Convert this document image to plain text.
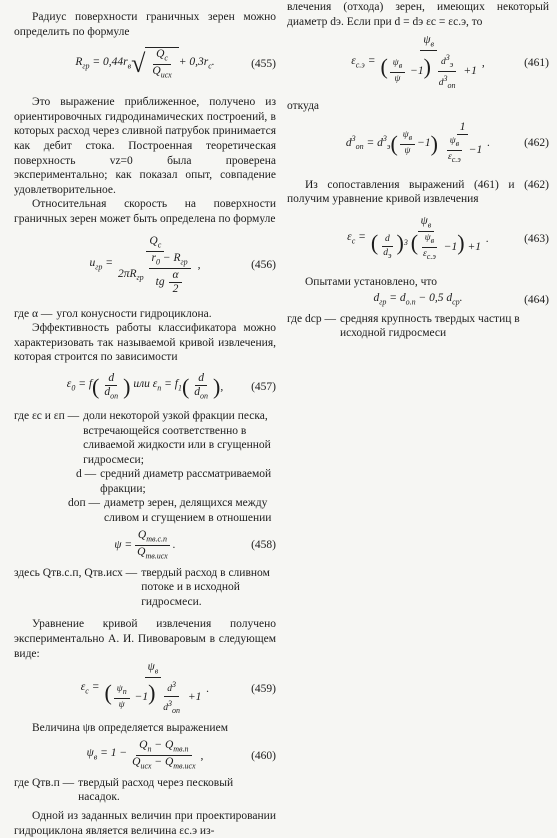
Радиус поверхности граничных зерен можно определить по формуле

$R_{гр} = 0,44r_в$ √ $\frac{Q_с}{Q_{исх}} + 0,3r_с$.	(455)

Это выражение приближенное, получено из ориентировочных гидродинамических построений, в которых расход через сливной патрубок принимается как дебит стока. Построенная теоретическая поверхность vz=0 была проверена экспериментально; как показал опыт, совпадение удовлетворительное.

Относительная скорость на поверхности граничных зерен может быть определена по формуле

$u_{гр} = \frac{Q_с}{2\pi R_{гр} \frac{r_0 - R_{гр}}{tg \frac{\alpha}{2}}}$ ,	(456)
где α — угол конусности гидроциклона.

Эффективность работы классификатора можно характеризовать так называемой кривой извлечения, которая строится по зависимости

$\varepsilon_0 = f$ ( $\frac{d}{d_{оп}}$ ) или $\varepsilon_п = f_1$ ( $\frac{d}{d_{оп}}$ ) , (457)
где εс и εп — доли некоторой узкой фракции песка, встречающейся соответственно в сливаемой жидкости или в сгущенной гидросмеси;
d — средний диаметр рассматриваемой фракции;
dоп — диаметр зерен, делящихся между сливом и сгущением в отношении
$\psi = \frac{Q_{тв.с.п}}{Q_{тв.исх}}$ .	(458)
здесь Qтв.с.п, Qтв.исх — твердый расход в сливном потоке и в исходной гидросмеси.

Уравнение кривой извлечения получено экспериментально А. И. Пивоваровым в следующем виде:

$\varepsilon_с = \frac{\psi_в}{( \frac{\psi_п}{\psi} -1) \frac{d^3}{d^3_{оп}} +1}$ .	(459)

Величина ψв определяется выражением

$\psi_в = 1 - \frac{Q_п - Q_{тв.п}}{Q_{исх} - Q_{тв.исх}}$ ,	(460)
где Qтв.п — твердый расход через песковый насадок.

Одной из заданных величин при проектировании гидроциклона является величина εс.э из-

влечения (отхода) зерен, имеющих некоторый диаметр dэ. Если при d = dэ εс = εс.э, то

$\varepsilon_{с.э} = \frac{\psi_в}{( \frac{\psi_в}{\psi} -1) \frac{d^3_э}{d^3_{оп}} +1}$ ,	(461)

откуда

$d^3_{оп} = d^3_э$ ( $\frac{\psi_в}{\psi} -1$ ) $\frac{1}{\frac{\psi_в}{\varepsilon_{с.э}} -1}$ .	(462)

Из сопоставления выражений (461) и (462) получим уравнение кривой извлечения

$\varepsilon_с = \frac{\psi_в}{( \frac{d}{d_э} )^3 ( \frac{\psi_в}{\varepsilon_{с.э}} -1) +1}$ .	(463)

Опытами установлено, что

$d_{гр} = d_{о.п} - 0,5$ $d_{ср}$.	(464)
где dср — средняя крупность твердых частиц в исходной гидросмеси
